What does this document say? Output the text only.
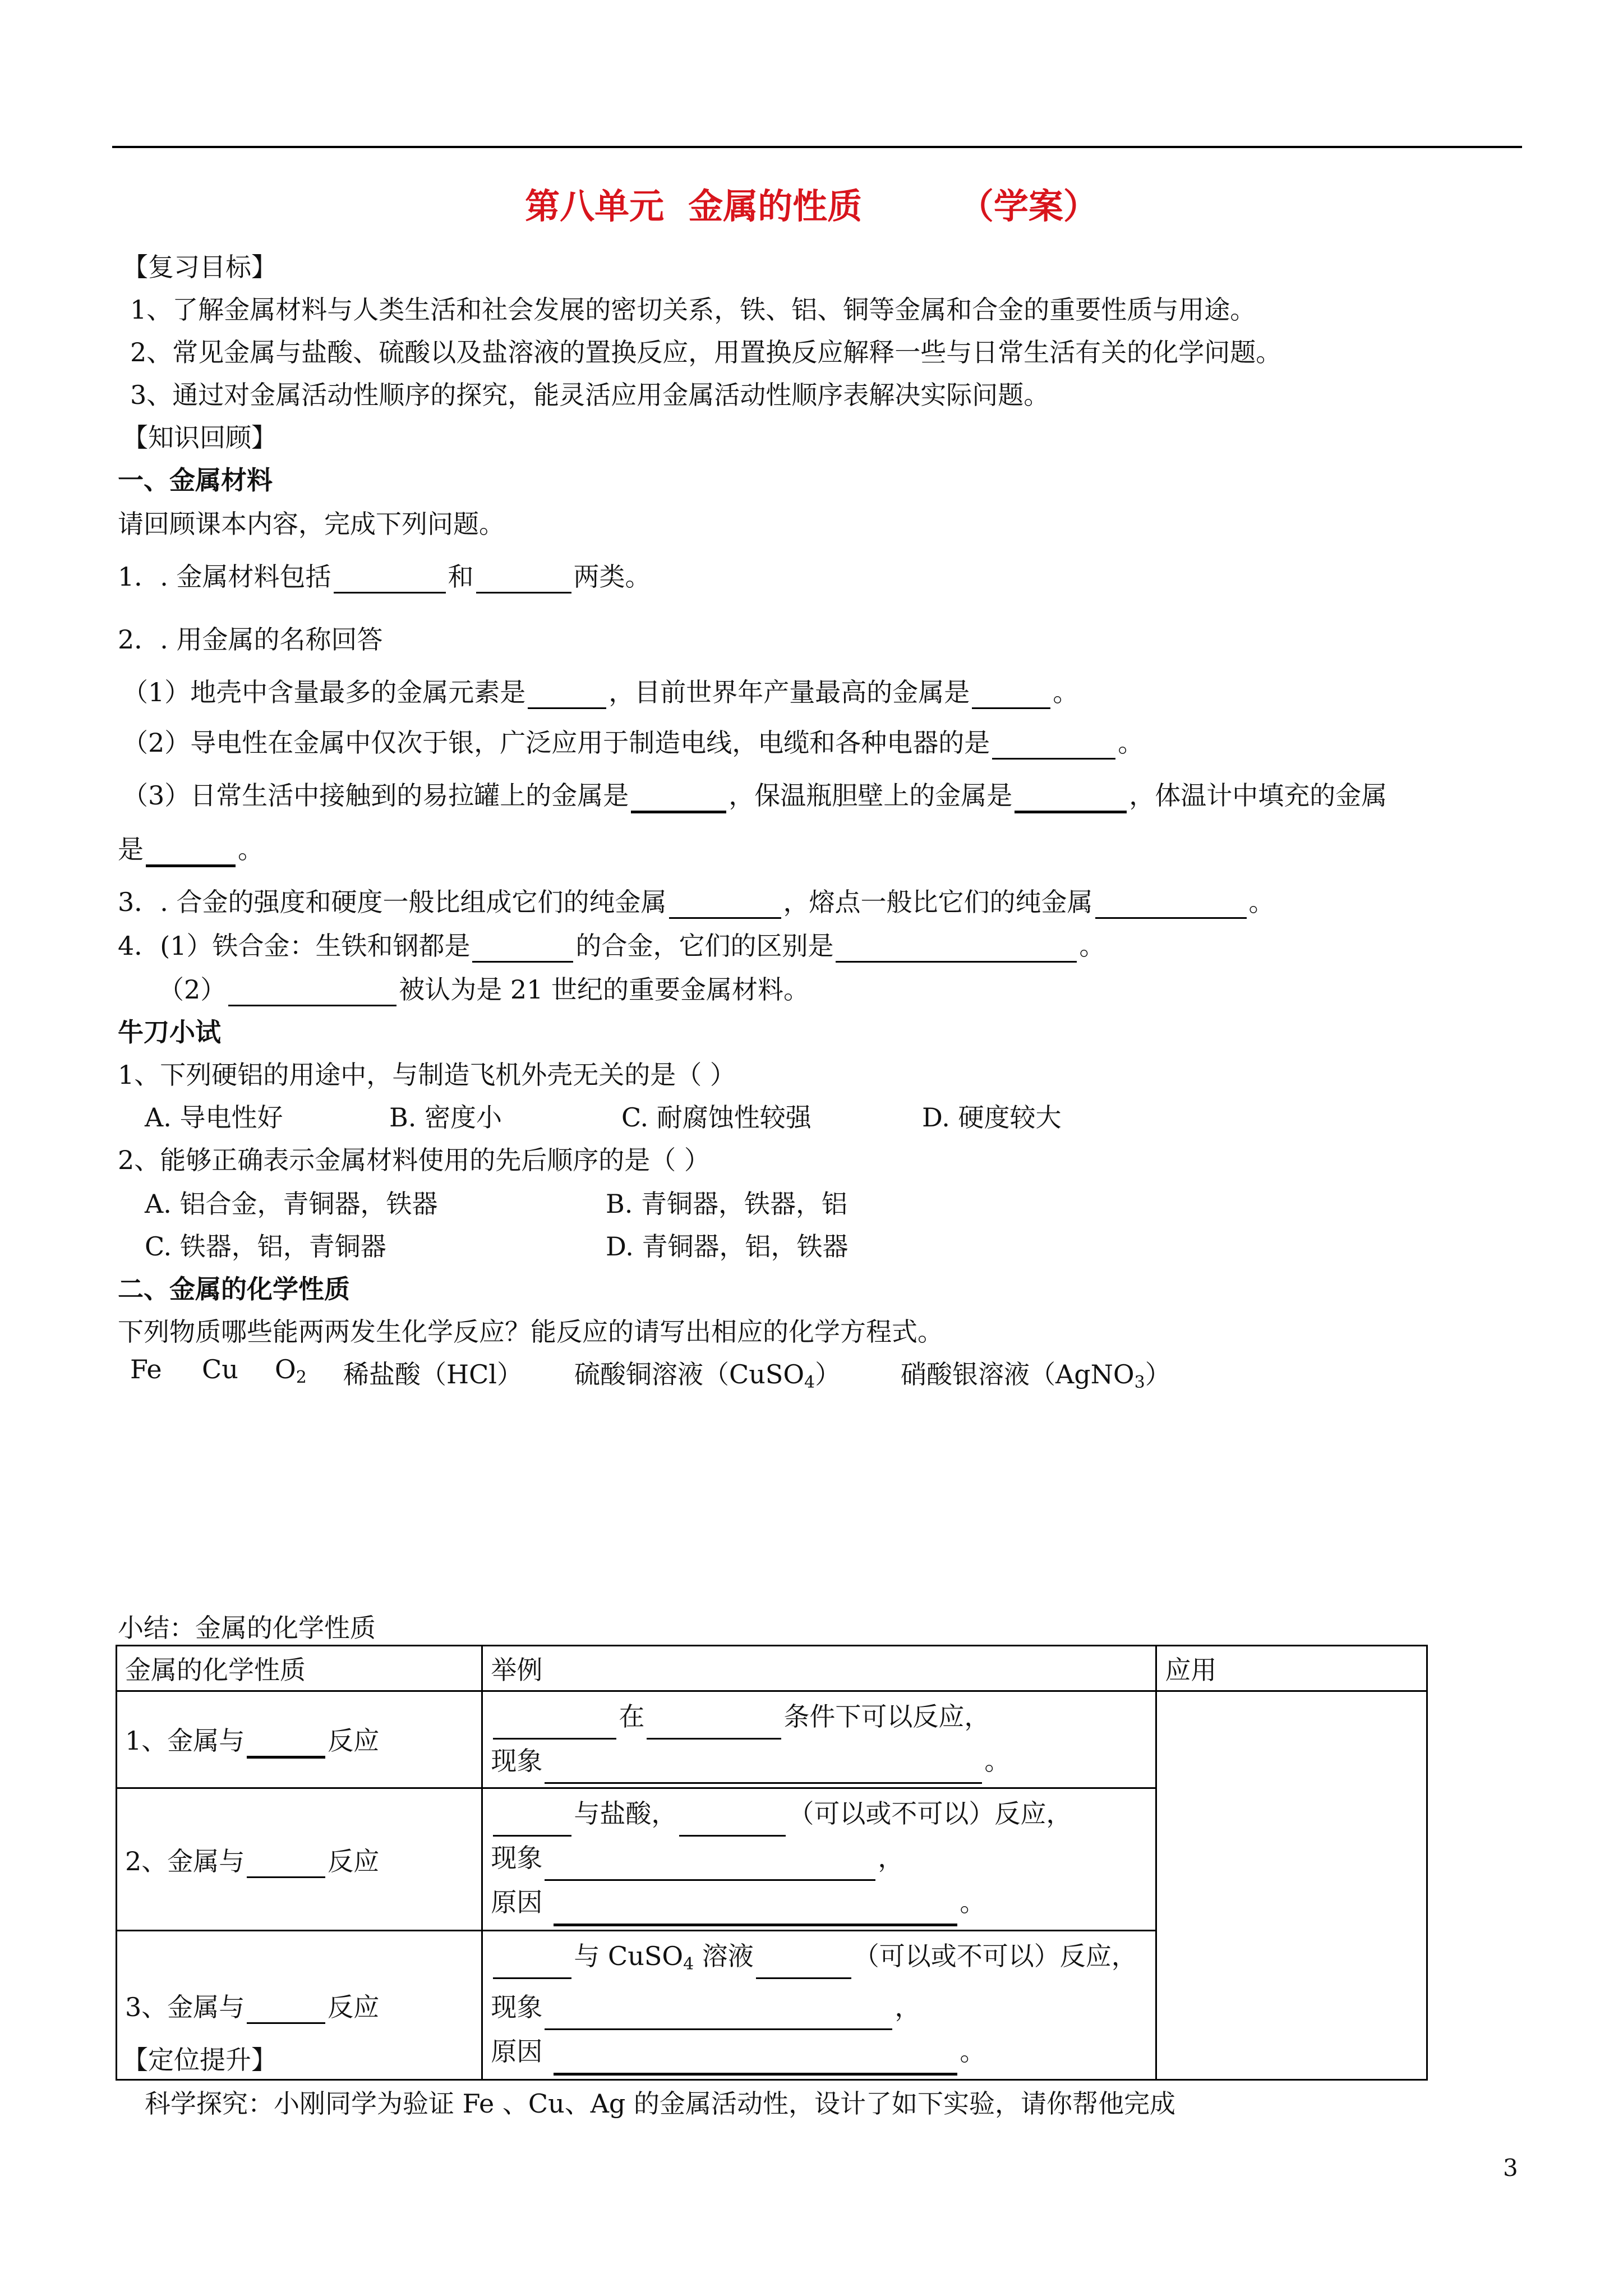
第八单元  金属的性质        （学案）
【复习目标】
1、了解金属材料与人类生活和社会发展的密切关系，铁、铝、铜等金属和合金的重要性质与用途。
2、常见金属与盐酸、硫酸以及盐溶液的置换反应，用置换反应解释一些与日常生活有关的化学问题。
3、通过对金属活动性顺序的探究，能灵活应用金属活动性顺序表解决实际问题。
【知识回顾】
一、金属材料
请回顾课本内容，完成下列问题。
1．. 金属材料包括	和	两类。
2．. 用金属的名称回答
（1）地壳中含量最多的金属元素是	，目前世界年产量最高的金属是	。
（2）导电性在金属中仅次于银，广泛应用于制造电线，电缆和各种电器的是	。
（3）日常生活中接触到的易拉罐上的金属是	，保温瓶胆壁上的金属是	，体温计中填充的金属
是	。
3．. 合金的强度和硬度一般比组成它们的纯金属	，熔点一般比它们的纯金属	。
4．(1）铁合金：生铁和钢都是	的合金，它们的区别是	。
（2）	被认为是 21 世纪的重要金属材料。
牛刀小试
1、下列硬铝的用途中，与制造飞机外壳无关的是（ ）
A. 导电性好	B. 密度小	C. 耐腐蚀性较强	D. 硬度较大
2、能够正确表示金属材料使用的先后顺序的是（ ）
A. 铝合金，青铜器，铁器	B. 青铜器，铁器，铝
C. 铁器，铝，青铜器	D. 青铜器，铝，铁器
二、金属的化学性质
下列物质哪些能两两发生化学反应？能反应的请写出相应的化学方程式。
Fe Cu $O_2$ 稀盐酸（HCl） 硫酸铜溶液（CuSO$_4$） 硝酸银溶液（AgNO$_3$）
小结：金属的化学性质
金属的化学性质	举例	应用
1、金属与 反应	在 条件下可以反应，
现象 。	

2、金属与 反应	与盐酸， （可以或不可以）反应，
现象 ，
原因 。	

3、金属与 反应	与 CuSO$_4$ 溶液 （可以或不可以）反应，
现象 ，
原因 。	
【定位提升】
科学探究：小刚同学为验证 Fe 、Cu、Ag 的金属活动性，设计了如下实验，请你帮他完成
3
